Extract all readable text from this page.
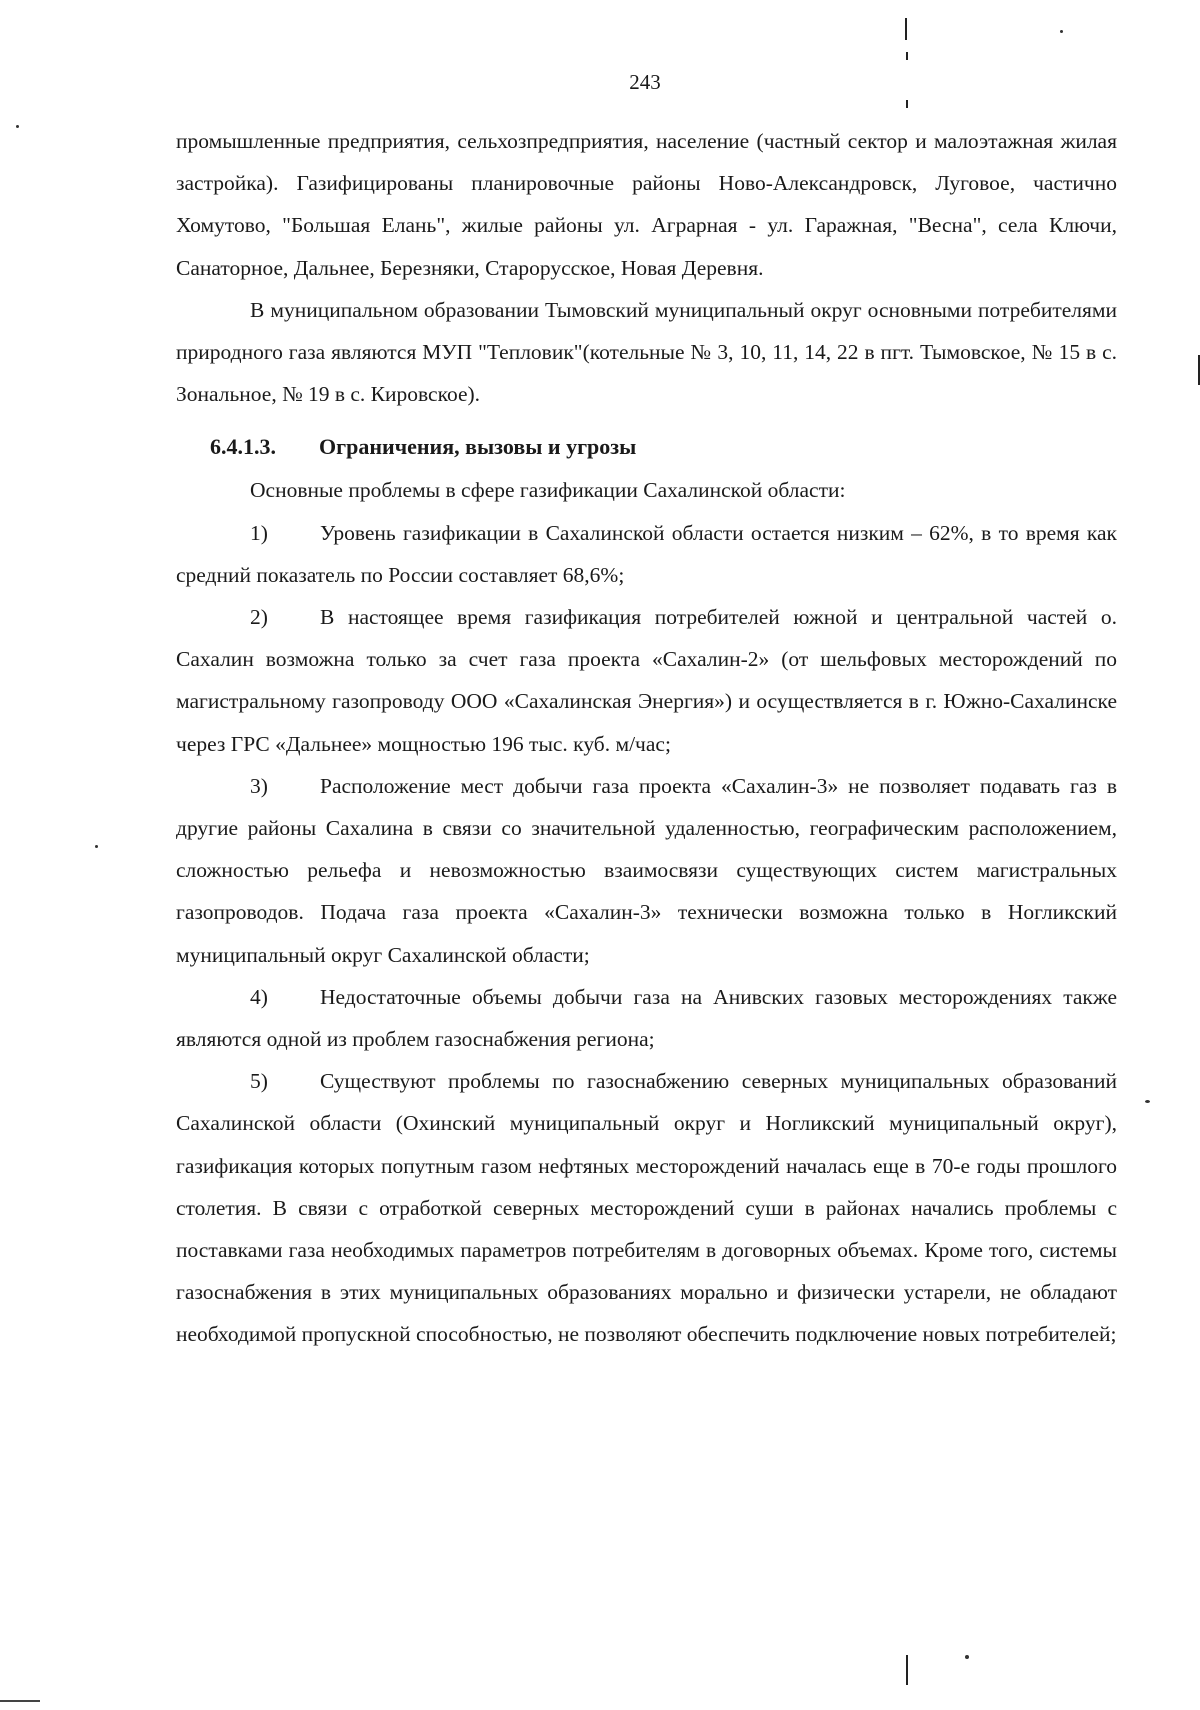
243

промышленные предприятия, сельхозпредприятия, население (частный сектор и малоэтажная жилая застройка). Газифицированы планировочные районы Ново-Александровск, Луговое, частично Хомутово, "Большая Елань", жилые районы ул. Аграрная - ул. Гаражная, "Весна", села Ключи, Санаторное, Дальнее, Березняки, Старорусское, Новая Деревня.

В муниципальном образовании Тымовский муниципальный округ основными потребителями природного газа являются МУП "Тепловик"(котельные № 3, 10, 11, 14, 22 в пгт. Тымовское, № 15 в с. Зональное, № 19 в с. Кировское).

6.4.1.3. Ограничения, вызовы и угрозы

Основные проблемы в сфере газификации Сахалинской области:

1) Уровень газификации в Сахалинской области остается низким – 62%, в то время как средний показатель по России составляет 68,6%;

2) В настоящее время газификация потребителей южной и центральной частей о. Сахалин возможна только за счет газа проекта «Сахалин-2» (от шельфовых месторождений по магистральному газопроводу ООО «Сахалинская Энергия») и осуществляется в г. Южно-Сахалинске через ГРС «Дальнее» мощностью 196 тыс. куб. м/час;

3) Расположение мест добычи газа проекта «Сахалин-3» не позволяет подавать газ в другие районы Сахалина в связи со значительной удаленностью, географическим расположением, сложностью рельефа и невозможностью взаимосвязи существующих систем магистральных газопроводов. Подача газа проекта «Сахалин-3» технически возможна только в Ногликский муниципальный округ Сахалинской области;

4) Недостаточные объемы добычи газа на Анивских газовых месторождениях также являются одной из проблем газоснабжения региона;

5) Существуют проблемы по газоснабжению северных муниципальных образований Сахалинской области (Охинский муниципальный округ и Ногликский муниципальный округ), газификация которых попутным газом нефтяных месторождений началась еще в 70-е годы прошлого столетия. В связи с отработкой северных месторождений суши в районах начались проблемы с поставками газа необходимых параметров потребителям в договорных объемах. Кроме того, системы газоснабжения в этих муниципальных образованиях морально и физически устарели, не обладают необходимой пропускной способностью, не позволяют обеспечить подключение новых потребителей;
